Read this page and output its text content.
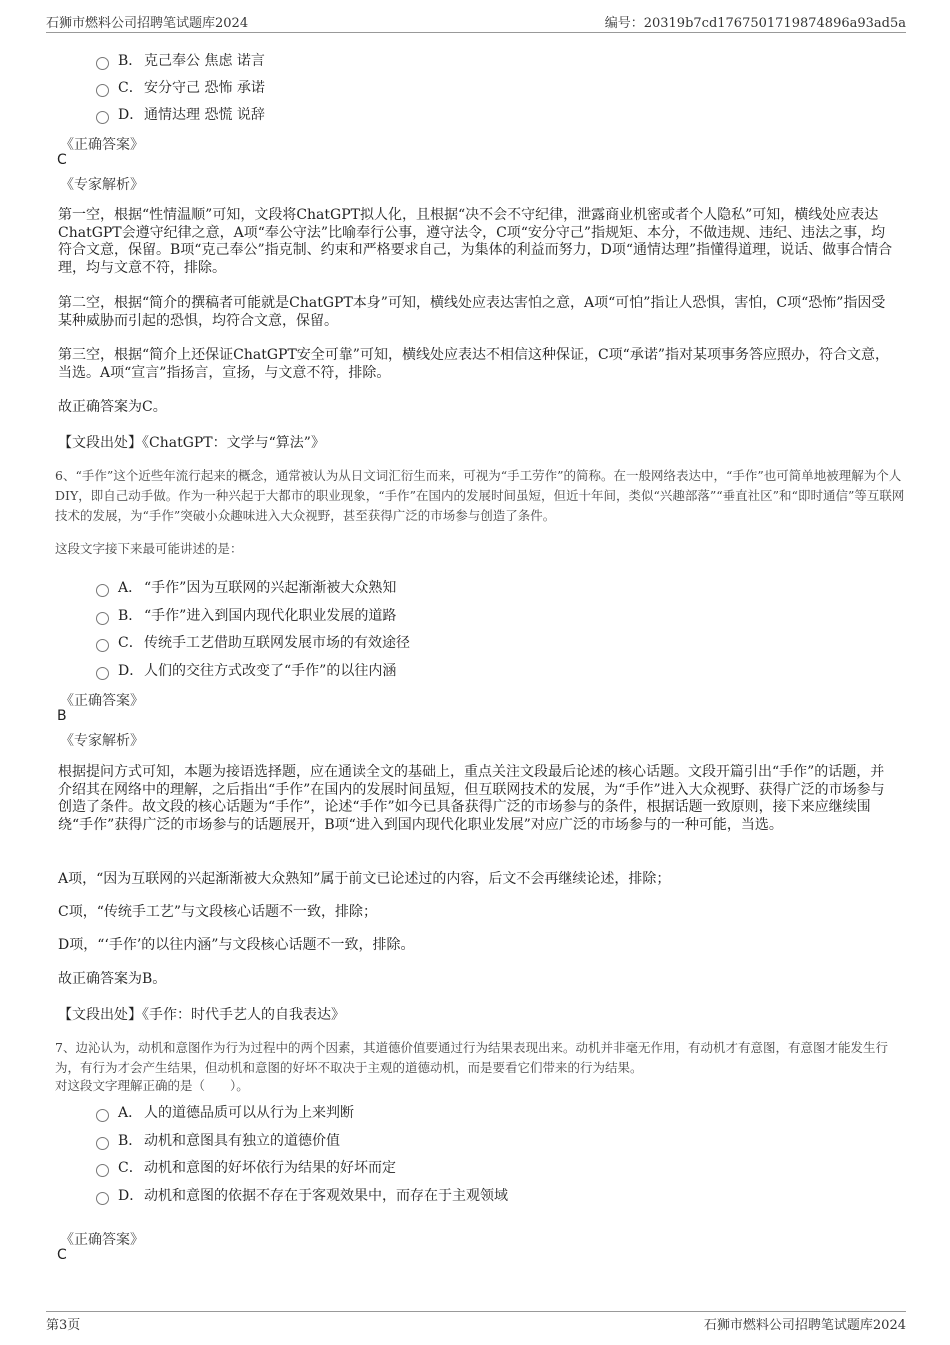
石狮市燃料公司招聘笔试题库2024	编号：20319b7cd1767501719874896a93ad5a
B． 克己奉公 焦虑 诺言
C． 安分守己 恐怖 承诺
D． 通情达理 恐慌 说辞
《正确答案》
C
《专家解析》

第一空，根据“性情温顺”可知，文段将ChatGPT拟人化，且根据“决不会不守纪律，泄露商业机密或者个人隐私”可知，横线处应表达ChatGPT会遵守纪律之意，A项“奉公守法”比喻奉行公事，遵守法令，C项“安分守己”指规矩、本分，不做违规、违纪、违法之事，均符合文意，保留。B项“克己奉公”指克制、约束和严格要求自己，为集体的利益而努力，D项“通情达理”指懂得道理，说话、做事合情合理，均与文意不符，排除。

第二空，根据“简介的撰稿者可能就是ChatGPT本身”可知，横线处应表达害怕之意，A项“可怕”指让人恐惧，害怕，C项“恐怖”指因受某种威胁而引起的恐惧，均符合文意，保留。

第三空，根据“简介上还保证ChatGPT安全可靠”可知，横线处应表达不相信这种保证，C项“承诺”指对某项事务答应照办，符合文意，当选。A项“宣言”指扬言，宣扬，与文意不符，排除。

故正确答案为C。

【文段出处】《ChatGPT：文学与“算法”》

6、“手作”这个近些年流行起来的概念，通常被认为从日文词汇衍生而来，可视为“手工劳作”的简称。在一般网络表达中，“手作”也可简单地被理解为个人DIY，即自己动手做。作为一种兴起于大都市的职业现象，“手作”在国内的发展时间虽短，但近十年间，类似“兴趣部落”“垂直社区”和“即时通信”等互联网技术的发展，为“手作”突破小众趣味进入大众视野，甚至获得广泛的市场参与创造了条件。

这段文字接下来最可能讲述的是：

A． “手作”因为互联网的兴起渐渐被大众熟知
B． “手作”进入到国内现代化职业发展的道路
C． 传统手工艺借助互联网发展市场的有效途径
D． 人们的交往方式改变了“手作”的以往内涵
《正确答案》
B
《专家解析》

根据提问方式可知，本题为接语选择题，应在通读全文的基础上，重点关注文段最后论述的核心话题。文段开篇引出“手作”的话题，并介绍其在网络中的理解，之后指出“手作”在国内的发展时间虽短，但互联网技术的发展，为“手作”进入大众视野、获得广泛的市场参与创造了条件。故文段的核心话题为“手作”，论述“手作”如今已具备获得广泛的市场参与的条件，根据话题一致原则，接下来应继续围绕“手作”获得广泛的市场参与的话题展开，B项“进入到国内现代化职业发展”对应广泛的市场参与的一种可能，当选。

A项，“因为互联网的兴起渐渐被大众熟知”属于前文已论述过的内容，后文不会再继续论述，排除；

C项，“传统手工艺”与文段核心话题不一致，排除；

D项，“‘手作’的以往内涵”与文段核心话题不一致，排除。

故正确答案为B。

【文段出处】《手作：时代手艺人的自我表达》

7、边沁认为，动机和意图作为行为过程中的两个因素，其道德价值要通过行为结果表现出来。动机并非毫无作用，有动机才有意图，有意图才能发生行为，有行为才会产生结果，但动机和意图的好坏不取决于主观的道德动机，而是要看它们带来的行为结果。

对这段文字理解正确的是（　　）。

A． 人的道德品质可以从行为上来判断
B． 动机和意图具有独立的道德价值
C． 动机和意图的好坏依行为结果的好坏而定
D． 动机和意图的依据不存在于客观效果中，而存在于主观领域
《正确答案》
C
第3页	石狮市燃料公司招聘笔试题库2024
